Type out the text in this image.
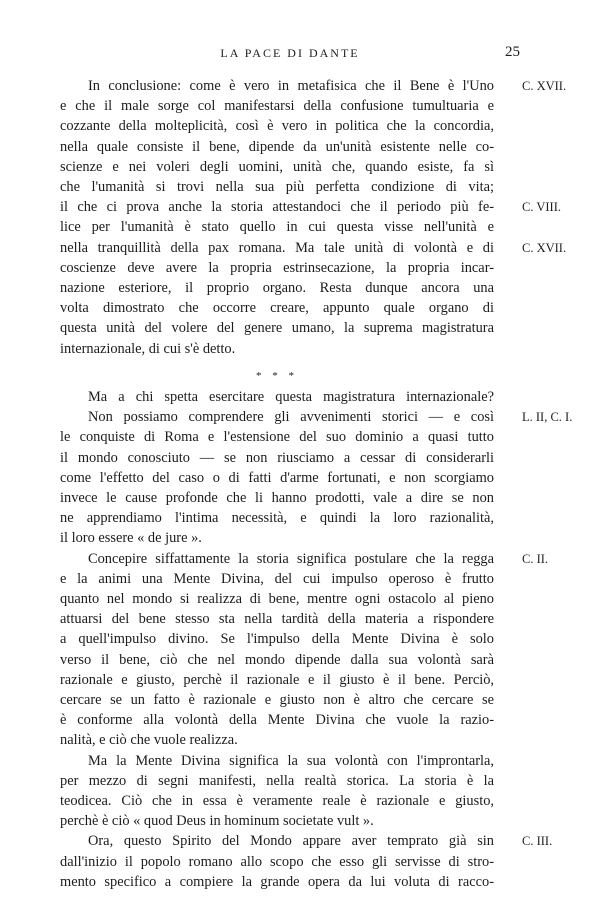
LA PACE DI DANTE	25
In conclusione: come è vero in metafisica che il Bene è l'Uno
e che il male sorge col manifestarsi della confusione tumultuaria e
cozzante della molteplicità, così è vero in politica che la concordia,
nella quale consiste il bene, dipende da un'unità esistente nelle co-
scienze e nei voleri degli uomini, unità che, quando esiste, fa sì
che l'umanità si trovi nella sua più perfetta condizione di vita;
il che ci prova anche la storia attestandoci che il periodo più fe-
lice per l'umanità è stato quello in cui questa visse nell'unità e
nella tranquillità della pax romana. Ma tale unità di volontà e di
coscienze deve avere la propria estrinsecazione, la propria incar-
nazione esteriore, il proprio organo. Resta dunque ancora una
volta dimostrato che occorre creare, appunto quale organo di
questa unità del volere del genere umano, la suprema magistratura
internazionale, di cui s'è detto.
* * *
Ma a chi spetta esercitare questa magistratura internazionale?
Non possiamo comprendere gli avvenimenti storici — e così
le conquiste di Roma e l'estensione del suo dominio a quasi tutto
il mondo conosciuto — se non riusciamo a cessar di considerarli
come l'effetto del caso o di fatti d'arme fortunati, e non scorgiamo
invece le cause profonde che li hanno prodotti, vale a dire se non
ne apprendiamo l'intima necessità, e quindi la loro razionalità,
il loro essere « de jure ».
Concepire siffattamente la storia significa postulare che la regga
e la animi una Mente Divina, del cui impulso operoso è frutto
quanto nel mondo si realizza di bene, mentre ogni ostacolo al pieno
attuarsi del bene stesso sta nella tardità della materia a rispondere
a quell'impulso divino. Se l'impulso della Mente Divina è solo
verso il bene, ciò che nel mondo dipende dalla sua volontà sarà
razionale e giusto, perchè il razionale e il giusto è il bene. Perciò,
cercare se un fatto è razionale e giusto non è altro che cercare se
è conforme alla volontà della Mente Divina che vuole la razio-
nalità, e ciò che vuole realizza.
Ma la Mente Divina significa la sua volontà con l'improntarla,
per mezzo di segni manifesti, nella realtà storica. La storia è la
teodicea. Ciò che in essa è veramente reale è razionale e giusto,
perchè è ciò « quod Deus in hominum societate vult ».
Ora, questo Spirito del Mondo appare aver temprato già sin
dall'inizio il popolo romano allo scopo che esso gli servisse di stro-
mento specifico a compiere la grande opera da lui voluta di racco-
C. XVII.
C. VIII.
C. XVII.
L. II, C. I.
C. II.
C. III.
